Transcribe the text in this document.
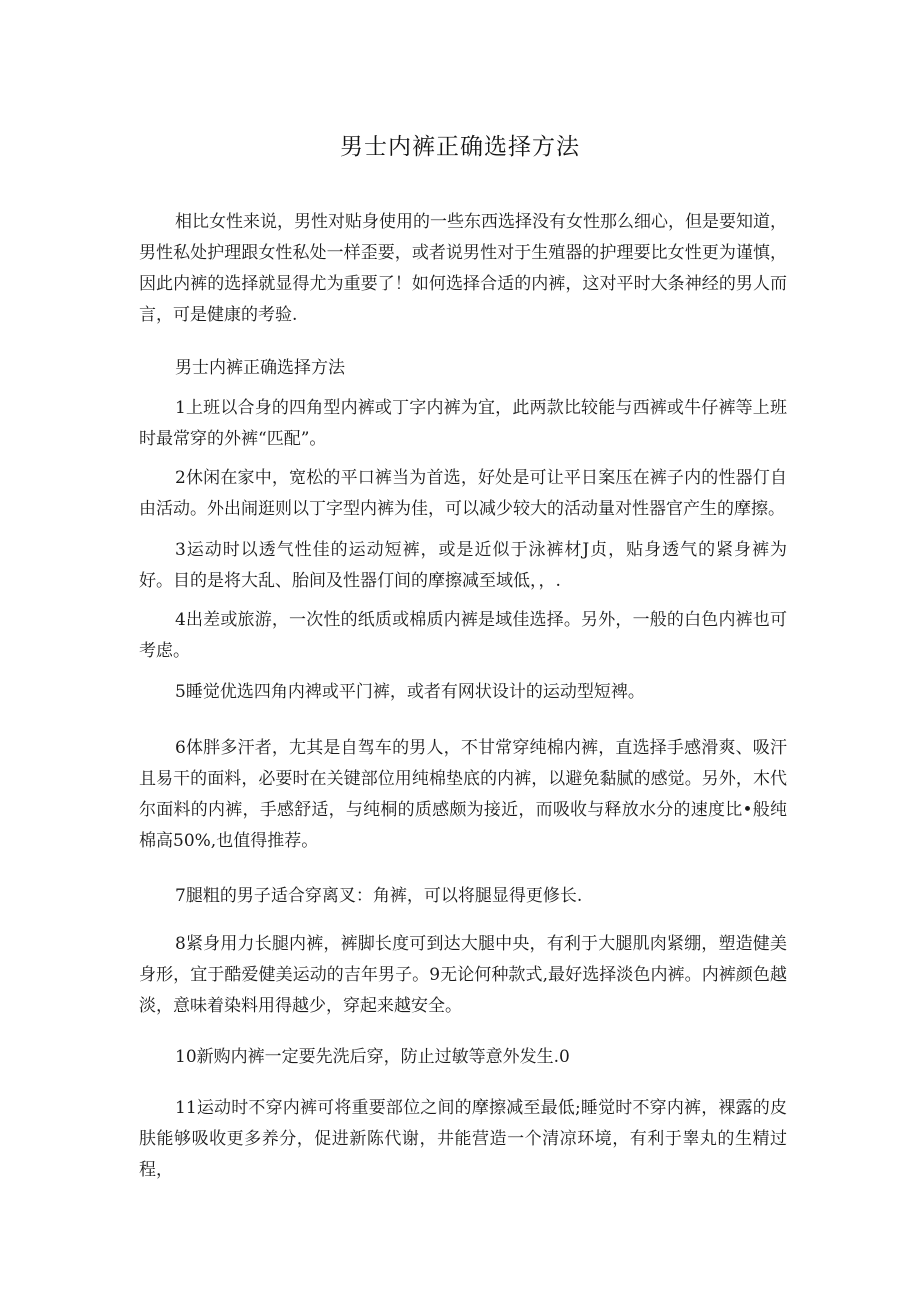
男士内裤正确选择方法

相比女性来说，男性对贴身使用的一些东西选择没有女性那么细心，但是要知道，男性私处护理跟女性私处一样歪要，或者说男性对于生殖器的护理要比女性更为谨慎，因此内裤的选择就显得尤为重要了！如何选择合适的内裤，这对平时大条神经的男人而言，可是健康的考验.

男士内裤正确选择方法

1上班以合身的四角型内裤或丁字内裤为宜，此两款比较能与西裤或牛仔裤等上班时最常穿的外裤“匹配”。

2休闲在家中，宽松的平口裤当为首选，好处是可让平日案压在裤子内的性器仃自由活动。外出闹逛则以丁字型内裤为佳，可以减少较大的活动量对性器官产生的摩擦。

3运动时以透气性佳的运动短裤，或是近似于泳裤材J贞，贴身透气的紧身裤为好。目的是将大乱、胎间及性器仃间的摩擦减至域低，，.

4出差或旅游，一次性的纸质或棉质内裤是域佳选择。另外，一般的白色内裤也可考虑。

5睡觉优选四角内裨或平门裤，或者有网状设计的运动型短裨。

6体胖多汗者，尢其是自驾车的男人，不甘常穿纯棉内裤，直选择手感滑爽、吸汗且易干的面料，必要时在关键部位用纯棉垫底的内裤，以避免黏腻的感觉。另外，木代尔面料的内裤，手感舒适，与纯桐的质感颇为接近，而吸收与释放水分的速度比•般纯棉高50%,也值得推荐。

7腿粗的男子适合穿离叉：角裤，可以将腿显得更修长.

8紧身用力长腿内裤，裤脚长度可到达大腿中央，有利于大腿肌肉紧绷，塑造健美身形，宜于酷爱健美运动的吉年男子。9无论何种款式,最好选择淡色内裤。内裤颜色越淡，意味着染料用得越少，穿起来越安全。

10新购内裤一定要先洗后穿，防止过敏等意外发生.0

11运动时不穿内裤可将重要部位之间的摩擦减至最低;睡觉时不穿内裤，裸露的皮肤能够吸收更多养分，促进新陈代谢，井能营造一个清凉环境，有利于睾丸的生精过程，
